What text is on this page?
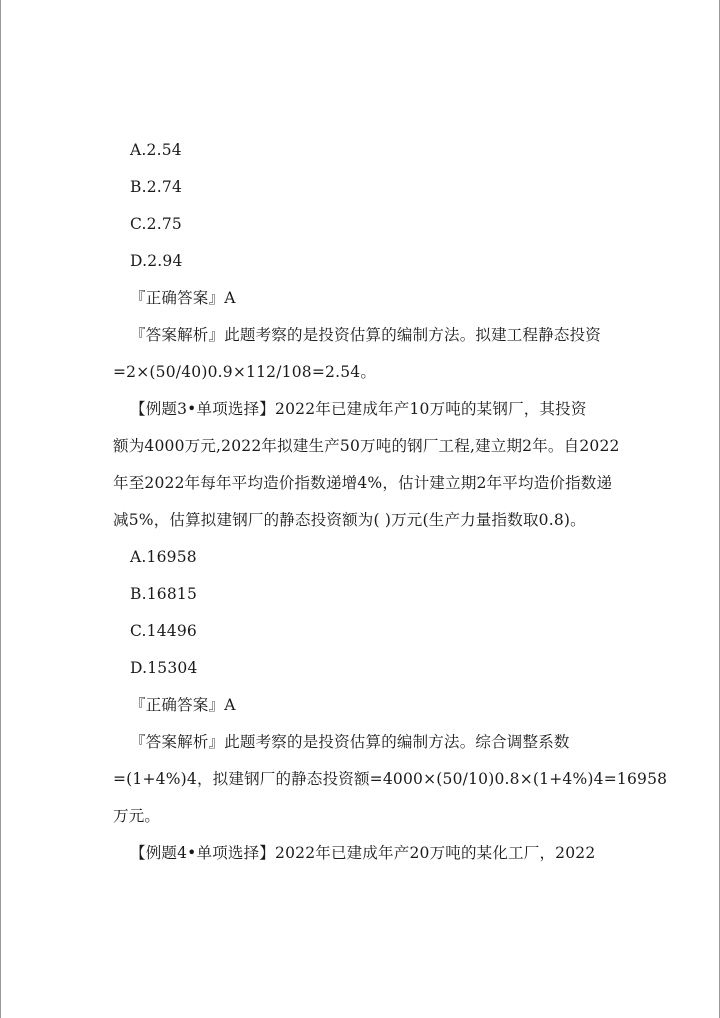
A.2.54
B.2.74
C.2.75
D.2.94
『正确答案』A
『答案解析』此题考察的是投资估算的编制方法。拟建工程静态投资
=2×(50/40)0.9×112/108=2.54。
【例题3•单项选择】2022年已建成年产10万吨的某钢厂，其投资
额为4000万元,2022年拟建生产50万吨的钢厂工程,建立期2年。自2022
年至2022年每年平均造价指数递增4%，估计建立期2年平均造价指数递
减5%，估算拟建钢厂的静态投资额为( )万元(生产力量指数取0.8)。
A.16958
B.16815
C.14496
D.15304
『正确答案』A
『答案解析』此题考察的是投资估算的编制方法。综合调整系数
=(1+4%)4，拟建钢厂的静态投资额=4000×(50/10)0.8×(1+4%)4=16958
万元。
【例题4•单项选择】2022年已建成年产20万吨的某化工厂，2022
